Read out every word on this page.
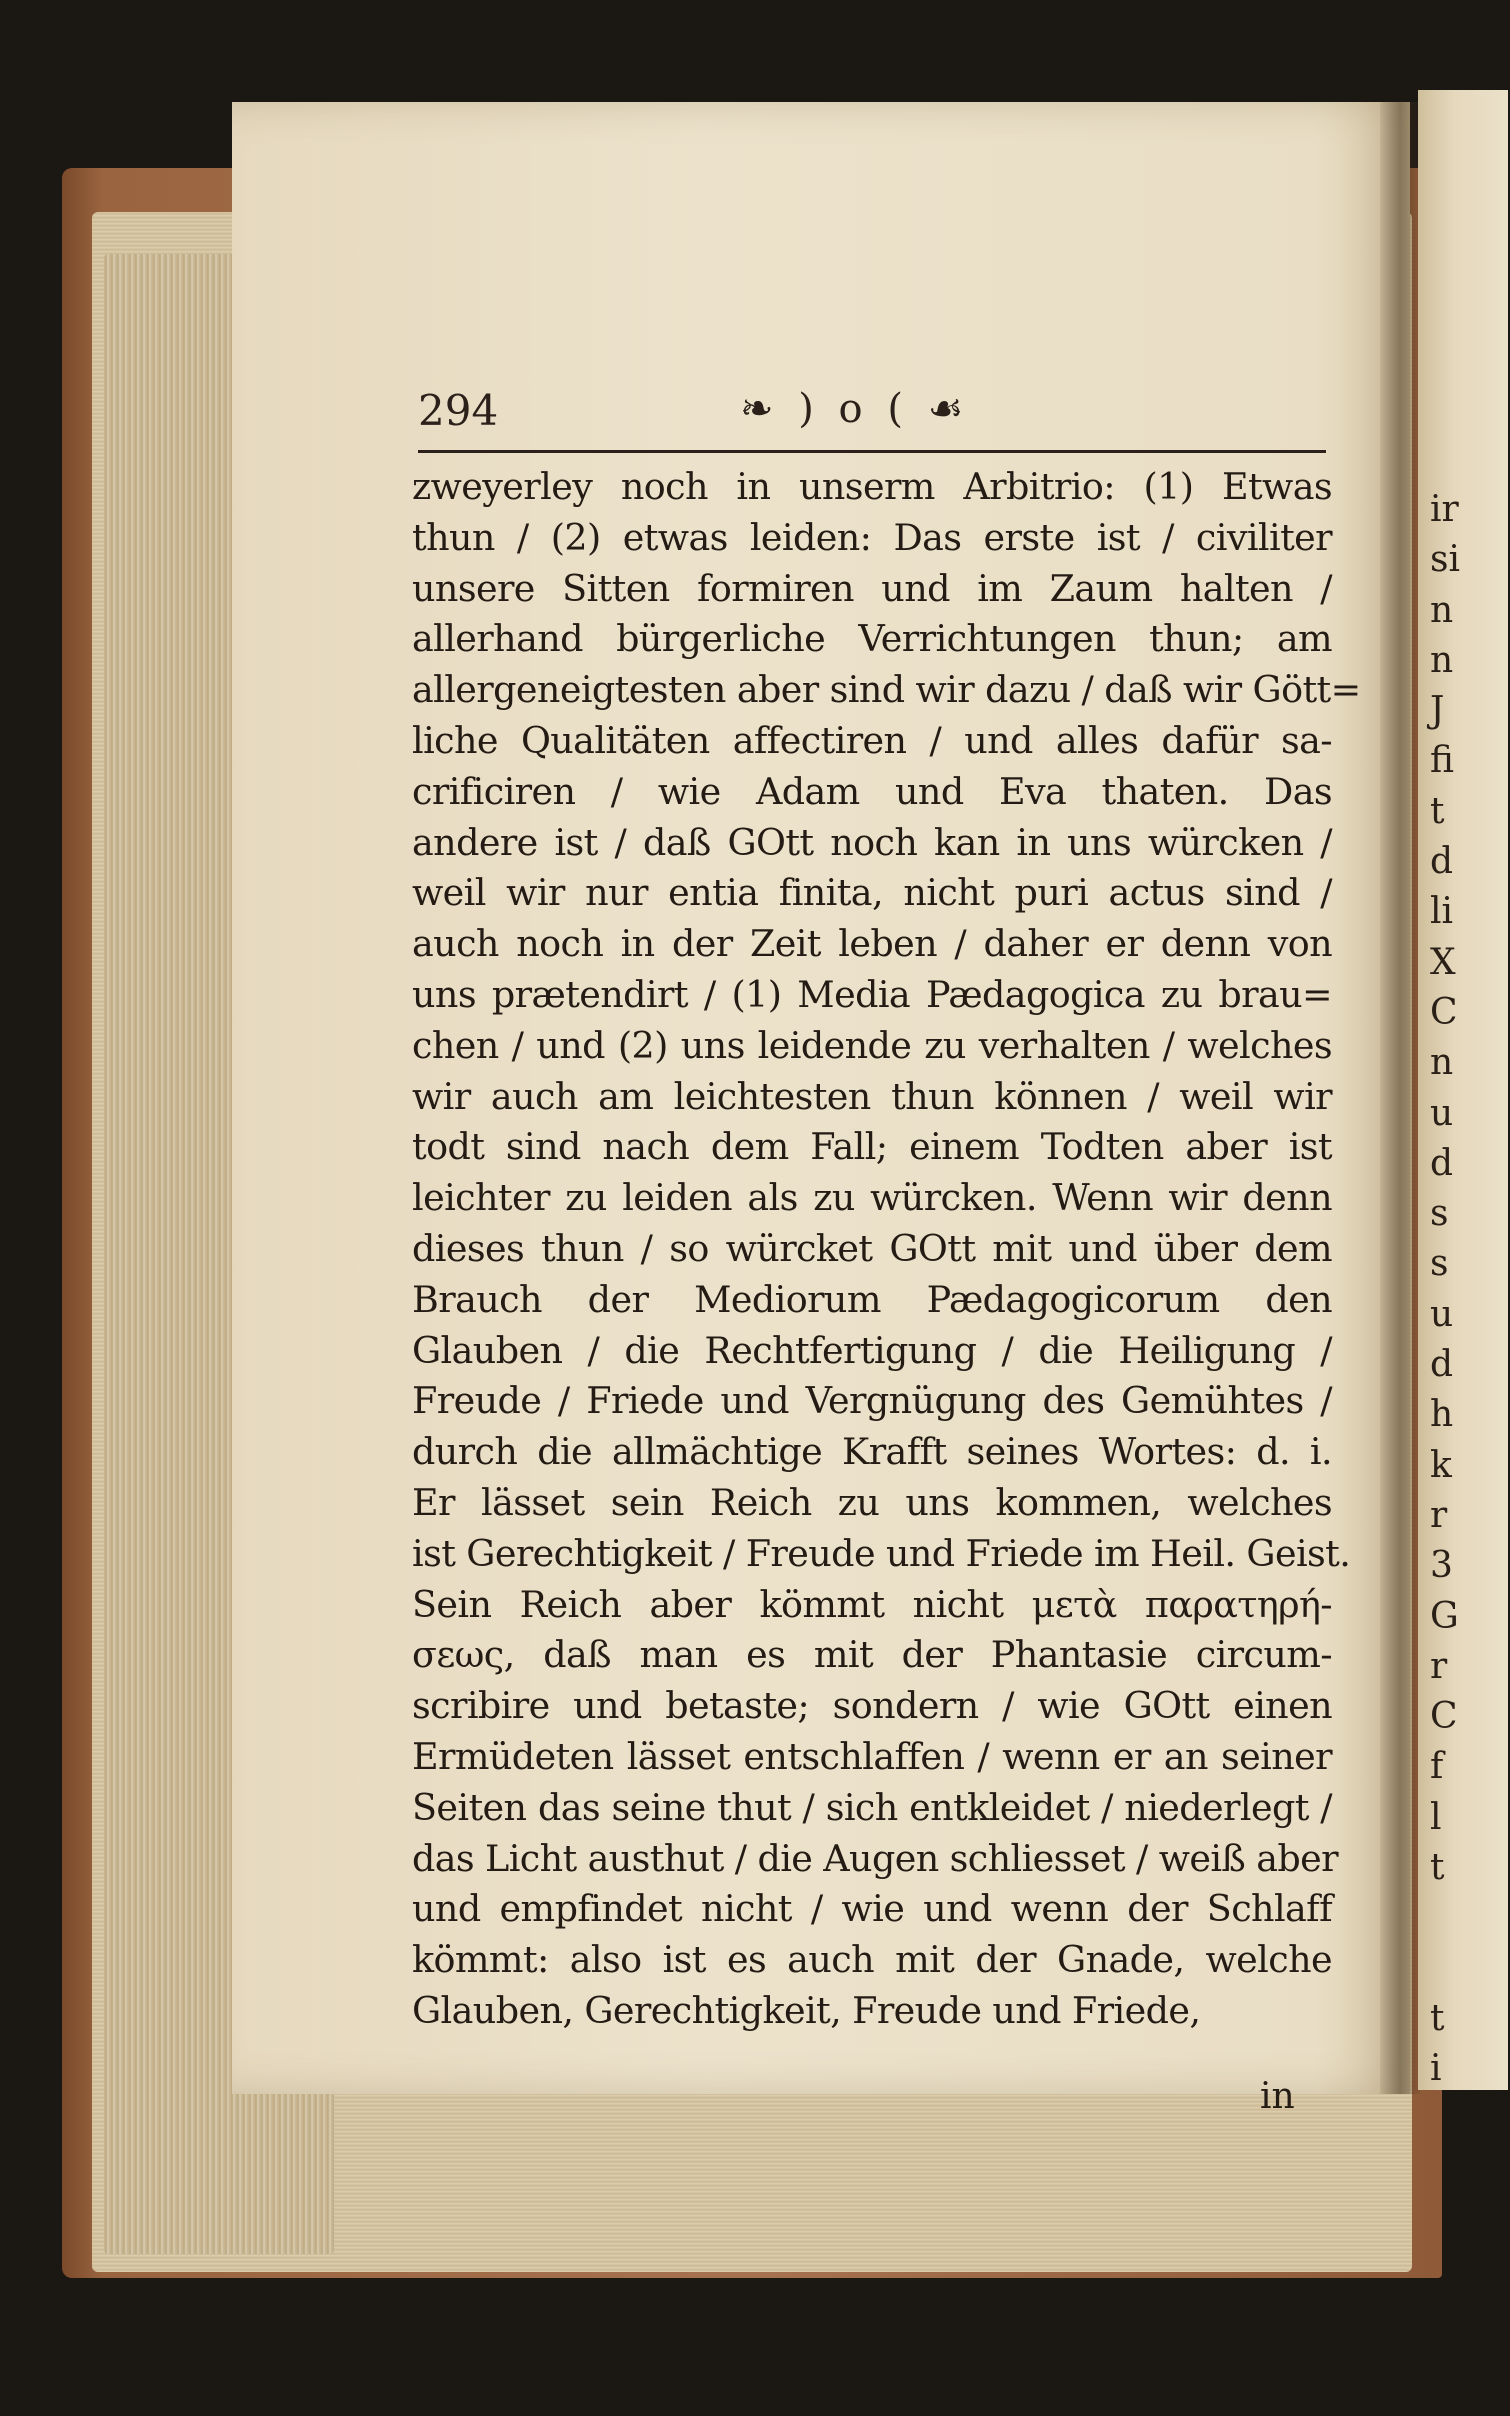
ir
si
n
n
J
fi
t
d
li
X
C
n
u
d
s
s
u
d
h
k
r
3
G
r
C
f
l
t
t
i
294	❧ ) o ( ☙
zweyerley noch in unserm Arbitrio: (1) Etwas
thun / (2) etwas leiden: Das erste ist / civiliter
unsere Sitten formiren und im Zaum halten /
allerhand bürgerliche Verrichtungen thun; am
allergeneigtesten aber sind wir dazu / daß wir Gött=
liche Qualitäten affectiren / und alles dafür sa-
crificiren / wie Adam und Eva thaten. Das
andere ist / daß GOtt noch kan in uns würcken /
weil wir nur entia finita, nicht puri actus sind /
auch noch in der Zeit leben / daher er denn von
uns prætendirt / (1) Media Pædagogica zu brau=
chen / und (2) uns leidende zu verhalten / welches
wir auch am leichtesten thun können / weil wir
todt sind nach dem Fall; einem Todten aber ist
leichter zu leiden als zu würcken. Wenn wir denn
dieses thun / so würcket GOtt mit und über dem
Brauch der Mediorum Pædagogicorum den
Glauben / die Rechtfertigung / die Heiligung /
Freude / Friede und Vergnügung des Gemühtes /
durch die allmächtige Krafft seines Wortes: d. i.
Er lässet sein Reich zu uns kommen, welches
ist Gerechtigkeit / Freude und Friede im Heil. Geist.
Sein Reich aber kömmt nicht μετὰ παρατηρή-
σεως, daß man es mit der Phantasie circum-
scribire und betaste; sondern / wie GOtt einen
Ermüdeten lässet entschlaffen / wenn er an seiner
Seiten das seine thut / sich entkleidet / niederlegt /
das Licht austhut / die Augen schliesset / weiß aber
und empfindet nicht / wie und wenn der Schlaff
kömmt: also ist es auch mit der Gnade, welche
Glauben, Gerechtigkeit, Freude und Friede,
in
